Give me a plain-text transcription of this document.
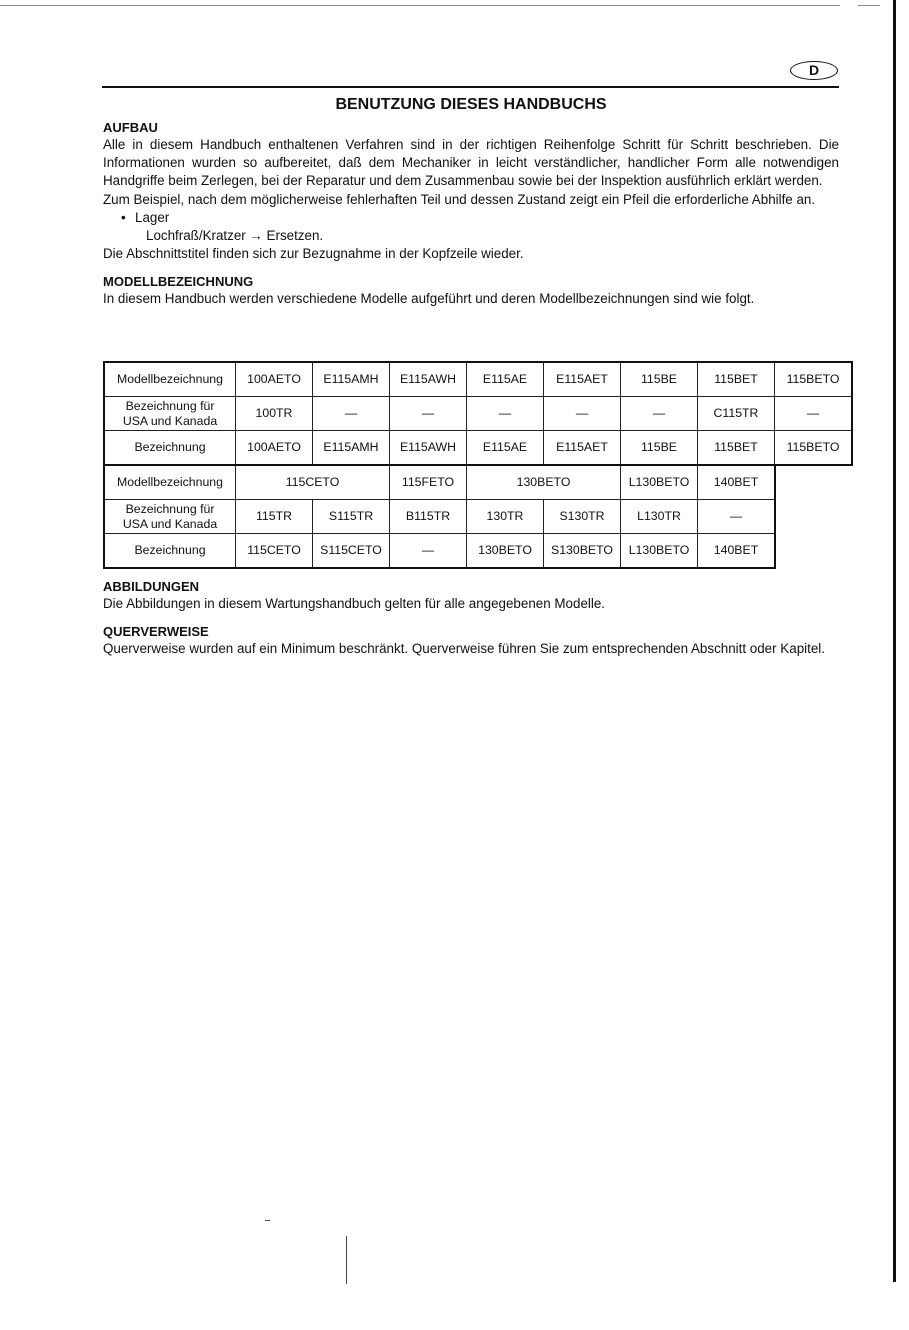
D
BENUTZUNG DIESES HANDBUCHS
AUFBAU

Alle in diesem Handbuch enthaltenen Verfahren sind in der richtigen Reihenfolge Schritt für Schritt beschrieben. Die Informationen wurden so aufbereitet, daß dem Mechaniker in leicht verständlicher, handlicher Form alle notwendigen Handgriffe beim Zerlegen, bei der Reparatur und dem Zusammenbau sowie bei der Inspektion ausführlich erklärt werden.

Zum Beispiel, nach dem möglicherweise fehlerhaften Teil und dessen Zustand zeigt ein Pfeil die erforderliche Abhilfe an.

• Lager
Lochfraß/Kratzer → Ersetzen.

Die Abschnittstitel finden sich zur Bezugnahme in der Kopfzeile wieder.

MODELLBEZEICHNUNG

In diesem Handbuch werden verschiedene Modelle aufgeführt und deren Modellbezeichnungen sind wie folgt.

Modellbezeichnung	100AETO	E115AMH	E115AWH	E115AE	E115AET	115BE	115BET	115BETO
Bezeichnung für
USA und Kanada	100TR	—	—	—	—	—	C115TR	—
Bezeichnung	100AETO	E115AMH	E115AWH	E115AE	E115AET	115BE	115BET	115BETO
Modellbezeichnung	115CETO		115FETO	130BETO		L130BETO	140BET
Bezeichnung für
USA und Kanada	115TR	S115TR	B115TR	130TR	S130TR	L130TR	—
Bezeichnung	115CETO	S115CETO	—	130BETO	S130BETO	L130BETO	140BET
ABBILDUNGEN

Die Abbildungen in diesem Wartungshandbuch gelten für alle angegebenen Modelle.

QUERVERWEISE

Querverweise wurden auf ein Minimum beschränkt. Querverweise führen Sie zum entsprechenden Abschnitt oder Kapitel.
